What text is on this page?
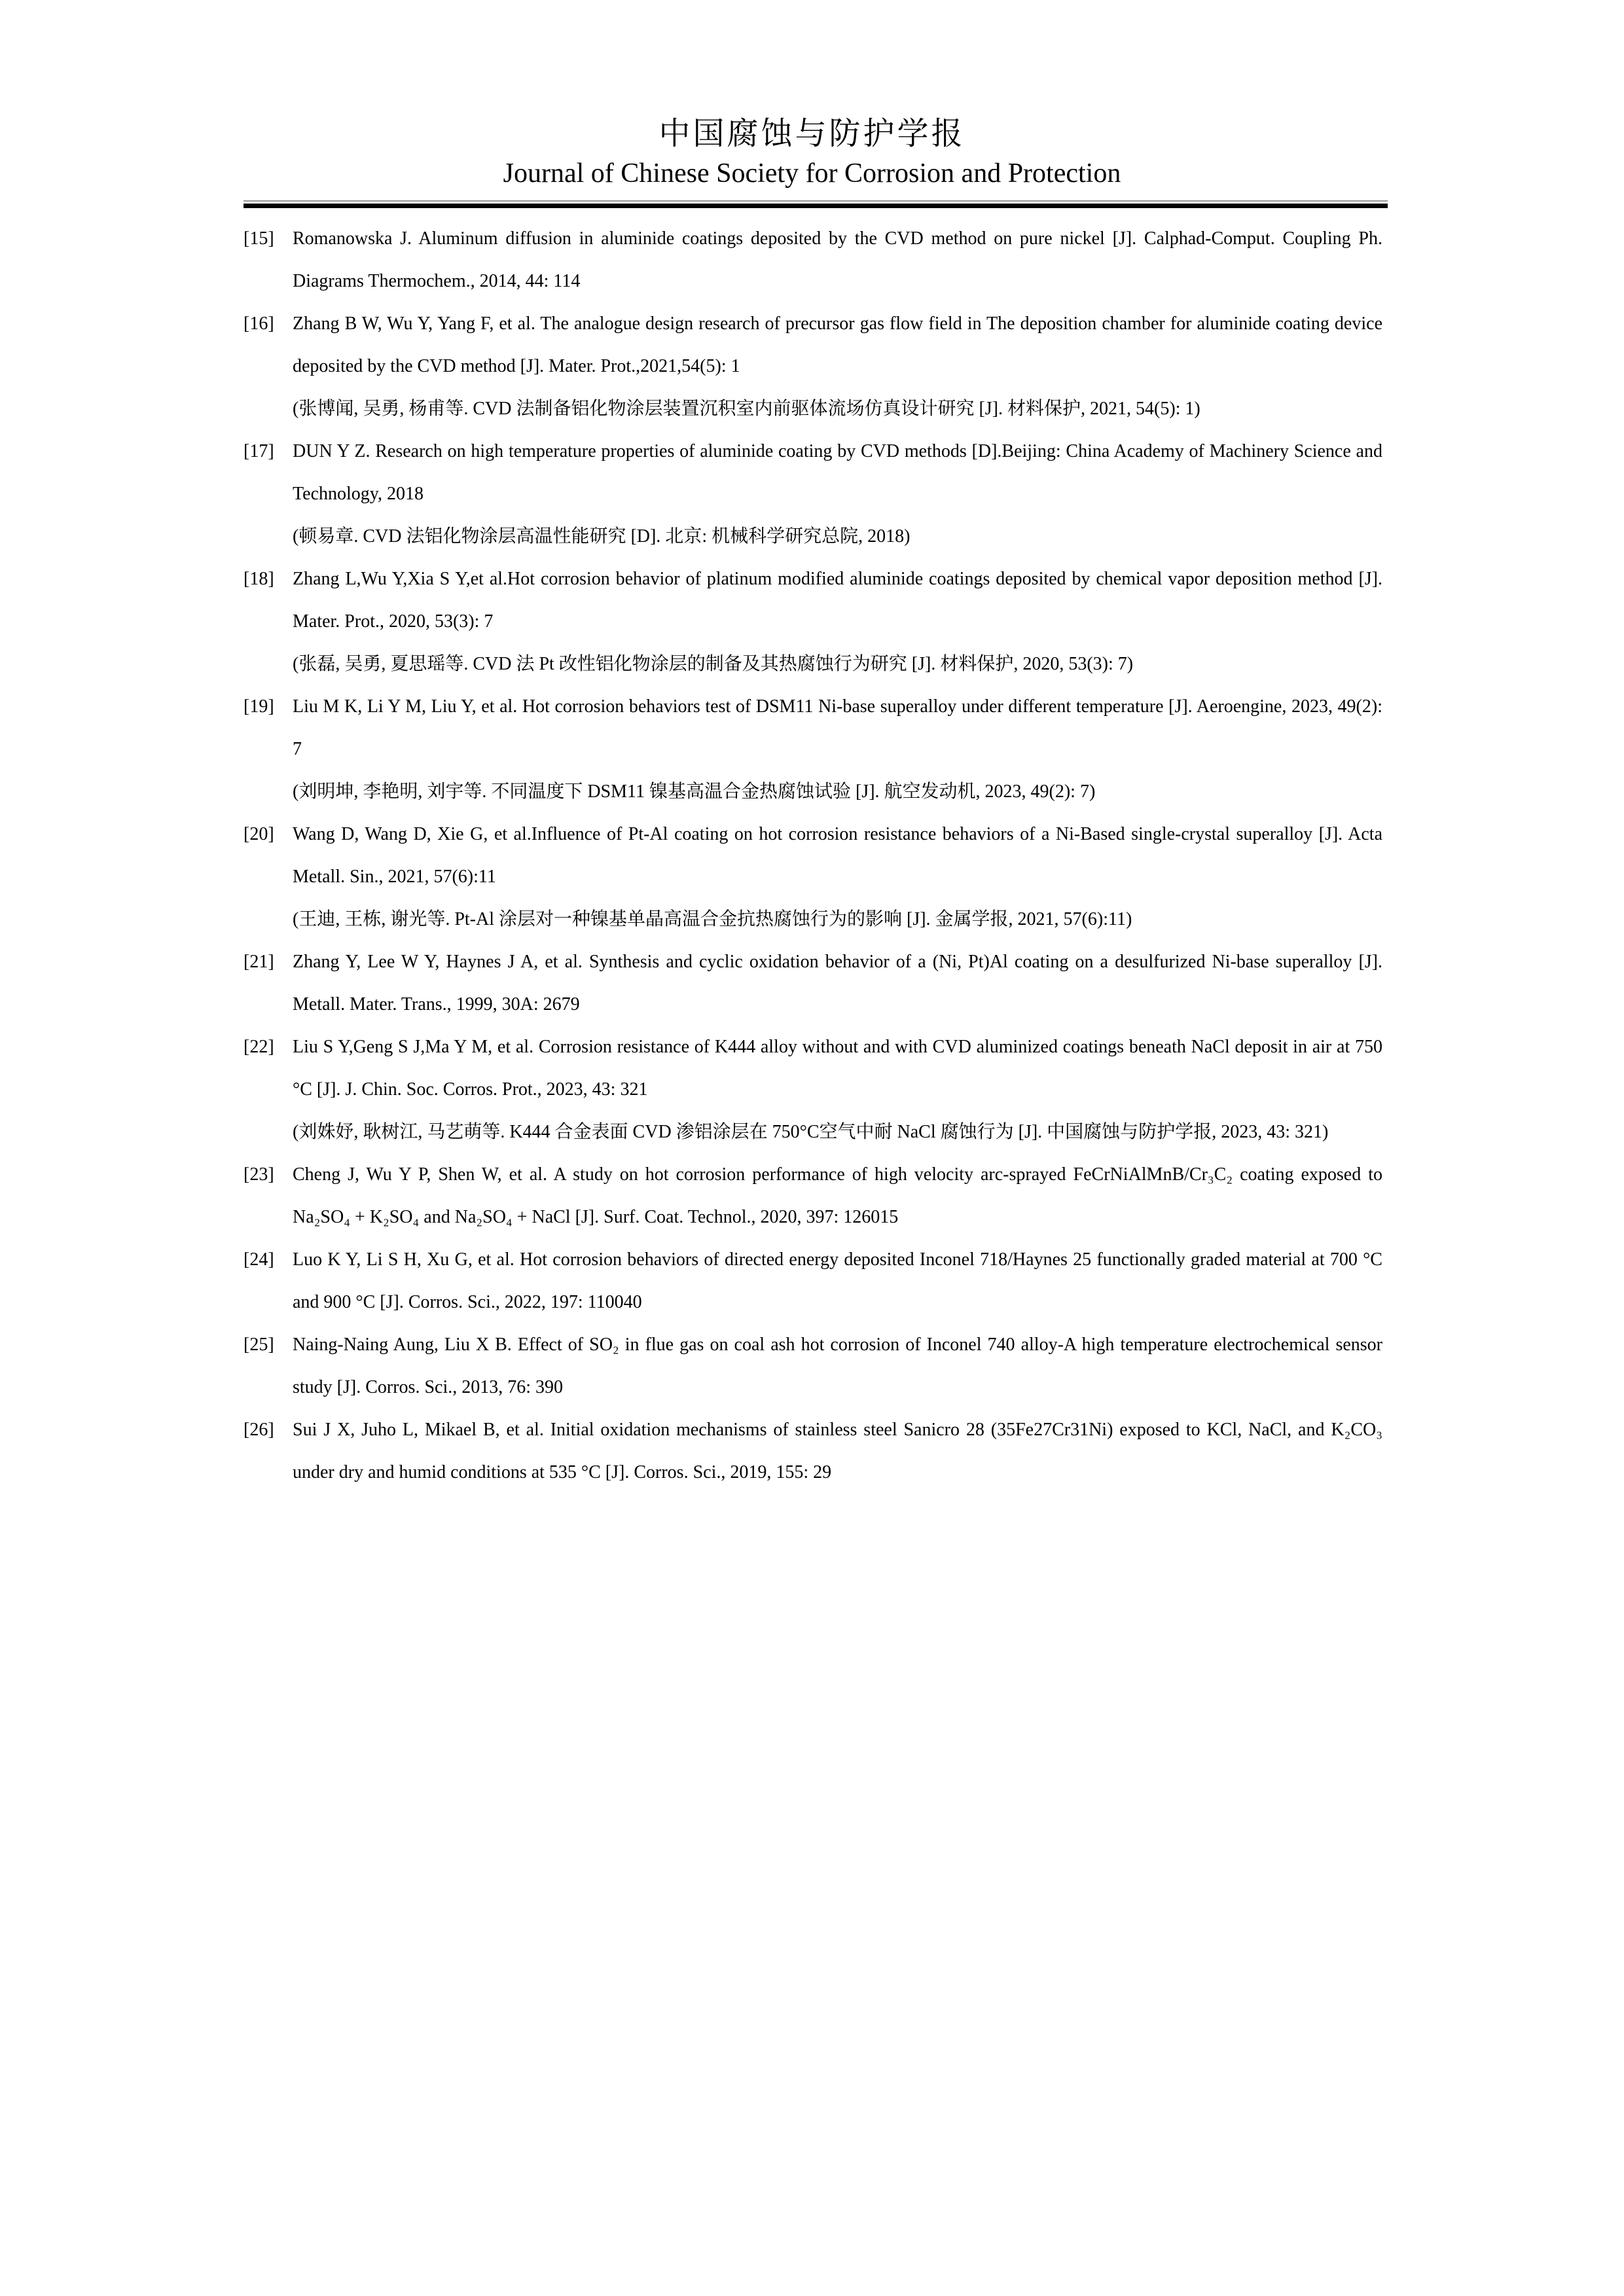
中国腐蚀与防护学报
Journal of Chinese Society for Corrosion and Protection
[15] Romanowska J. Aluminum diffusion in aluminide coatings deposited by the CVD method on pure nickel [J]. Calphad-Comput. Coupling Ph. Diagrams Thermochem., 2014, 44: 114
[16] Zhang B W, Wu Y, Yang F, et al. The analogue design research of precursor gas flow field in The deposition chamber for aluminide coating device deposited by the CVD method [J]. Mater. Prot.,2021,54(5): 1
(张博闻, 吴勇, 杨甫等. CVD 法制备铝化物涂层装置沉积室内前驱体流场仿真设计研究 [J]. 材料保护, 2021, 54(5): 1)
[17] DUN Y Z. Research on high temperature properties of aluminide coating by CVD methods [D].Beijing: China Academy of Machinery Science and Technology, 2018
(顿易章. CVD 法铝化物涂层高温性能研究 [D]. 北京: 机械科学研究总院, 2018)
[18] Zhang L,Wu Y,Xia S Y,et al.Hot corrosion behavior of platinum modified aluminide coatings deposited by chemical vapor deposition method [J]. Mater. Prot., 2020, 53(3): 7
(张磊, 吴勇, 夏思瑶等. CVD 法 Pt 改性铝化物涂层的制备及其热腐蚀行为研究 [J]. 材料保护, 2020, 53(3): 7)
[19] Liu M K, Li Y M, Liu Y, et al. Hot corrosion behaviors test of DSM11 Ni-base superalloy under different temperature [J]. Aeroengine, 2023, 49(2): 7
(刘明坤, 李艳明, 刘宇等. 不同温度下 DSM11 镍基高温合金热腐蚀试验 [J]. 航空发动机, 2023, 49(2): 7)
[20] Wang D, Wang D, Xie G, et al.Influence of Pt-Al coating on hot corrosion resistance behaviors of a Ni-Based single-crystal superalloy [J]. Acta Metall. Sin., 2021, 57(6):11
(王迪, 王栋, 谢光等. Pt-Al 涂层对一种镍基单晶高温合金抗热腐蚀行为的影响 [J]. 金属学报, 2021, 57(6):11)
[21] Zhang Y, Lee W Y, Haynes J A, et al. Synthesis and cyclic oxidation behavior of a (Ni, Pt)Al coating on a desulfurized Ni-base superalloy [J]. Metall. Mater. Trans., 1999, 30A: 2679
[22] Liu S Y,Geng S J,Ma Y M, et al. Corrosion resistance of K444 alloy without and with CVD aluminized coatings beneath NaCl deposit in air at 750 °C [J]. J. Chin. Soc. Corros. Prot., 2023, 43: 321
(刘姝妤, 耿树江, 马艺萌等. K444 合金表面 CVD 渗铝涂层在 750°C空气中耐 NaCl 腐蚀行为 [J]. 中国腐蚀与防护学报, 2023, 43: 321)
[23] Cheng J, Wu Y P, Shen W, et al. A study on hot corrosion performance of high velocity arc-sprayed FeCrNiAlMnB/Cr₃C₂ coating exposed to Na₂SO₄ + K₂SO₄ and Na₂SO₄ + NaCl [J]. Surf. Coat. Technol., 2020, 397: 126015
[24] Luo K Y, Li S H, Xu G, et al. Hot corrosion behaviors of directed energy deposited Inconel 718/Haynes 25 functionally graded material at 700 °C and 900 °C [J]. Corros. Sci., 2022, 197: 110040
[25] Naing-Naing Aung, Liu X B. Effect of SO₂ in flue gas on coal ash hot corrosion of Inconel 740 alloy-A high temperature electrochemical sensor study [J]. Corros. Sci., 2013, 76: 390
[26] Sui J X, Juho L, Mikael B, et al. Initial oxidation mechanisms of stainless steel Sanicro 28 (35Fe27Cr31Ni) exposed to KCl, NaCl, and K₂CO₃ under dry and humid conditions at 535 °C [J]. Corros. Sci., 2019, 155: 29
